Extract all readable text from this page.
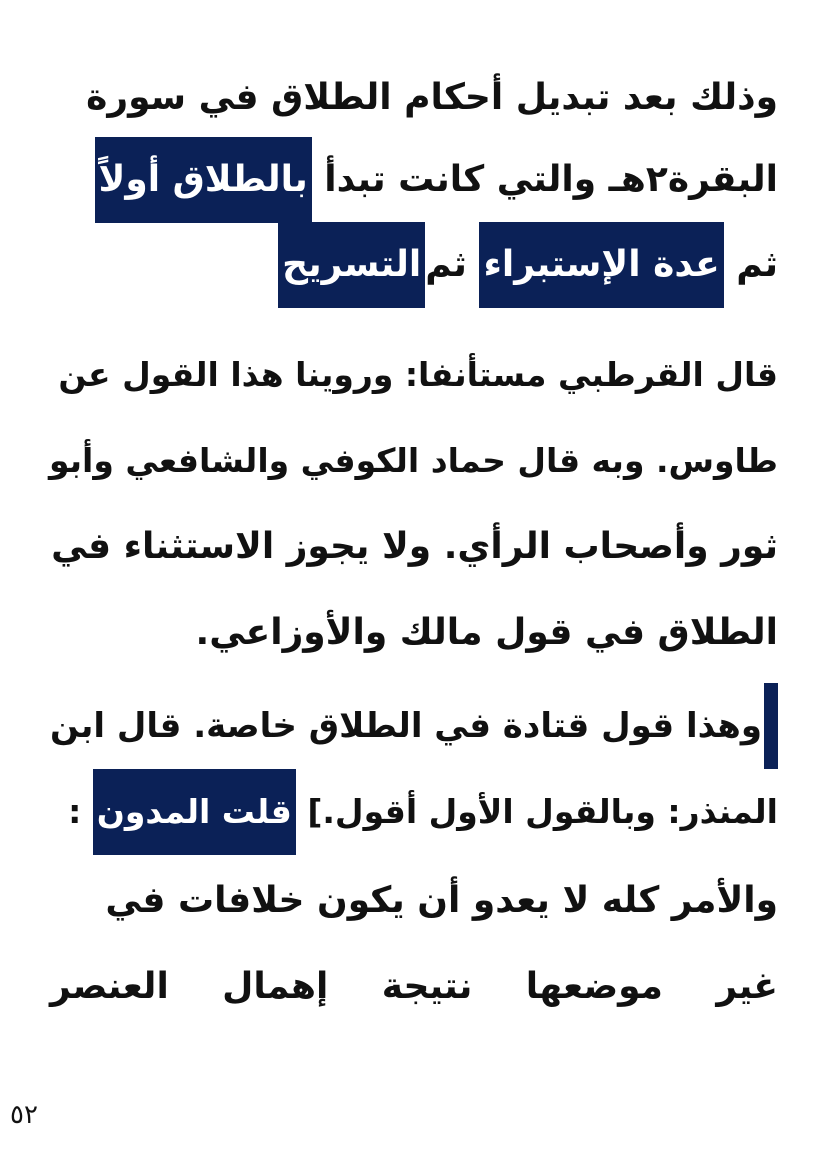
وذلك بعد تبديل أحكام الطلاق في سورة
البقرة٢هـ والتي كانت تبدأ بالطلاق أولاً
ثم عدة الإستبراء ثمالتسريح
قال القرطبي مستأنفا: وروينا هذا القول عن
طاوس. وبه قال حماد الكوفي والشافعي وأبو
ثور وأصحاب الرأي. ولا يجوز الاستثناء في
الطلاق في قول مالك والأوزاعي.
وهذا قول قتادة في الطلاق خاصة. قال ابن
المنذر: وبالقول الأول أقول.] قلت المدون :
والأمر كله لا يعدو أن يكون خلافات في
غير
موضعها
نتيجة
إهمال
العنصر
٥٢
